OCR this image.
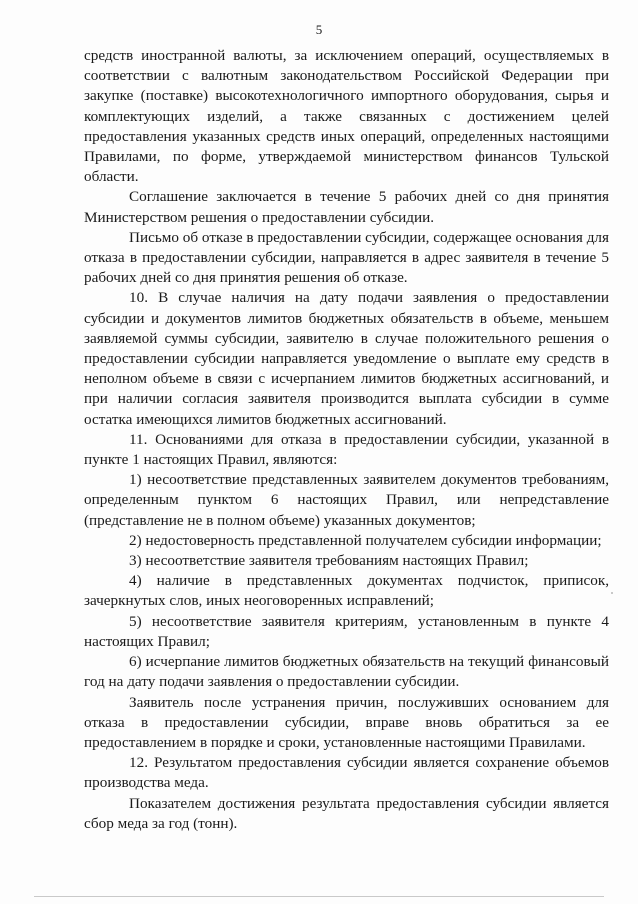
5

средств иностранной валюты, за исключением операций, осуществляемых в соответствии с валютным законодательством Российской Федерации при закупке (поставке) высокотехнологичного импортного оборудования, сырья и комплектующих изделий, а также связанных с достижением целей предоставления указанных средств иных операций, определенных настоящими Правилами, по форме, утверждаемой министерством финансов Тульской области.

Соглашение заключается в течение 5 рабочих дней со дня принятия Министерством решения о предоставлении субсидии.

Письмо об отказе в предоставлении субсидии, содержащее основания для отказа в предоставлении субсидии, направляется в адрес заявителя в течение 5 рабочих дней со дня принятия решения об отказе.

10. В случае наличия на дату подачи заявления о предоставлении субсидии и документов лимитов бюджетных обязательств в объеме, меньшем заявляемой суммы субсидии, заявителю в случае положительного решения о предоставлении субсидии направляется уведомление о выплате ему средств в неполном объеме в связи с исчерпанием лимитов бюджетных ассигнований, и при наличии согласия заявителя производится выплата субсидии в сумме остатка имеющихся лимитов бюджетных ассигнований.

11. Основаниями для отказа в предоставлении субсидии, указанной в пункте 1 настоящих Правил, являются:

1) несоответствие представленных заявителем документов требованиям, определенным пунктом 6 настоящих Правил, или непредставление (представление не в полном объеме) указанных документов;

2) недостоверность представленной получателем субсидии информации;

3) несоответствие заявителя требованиям настоящих Правил;

4) наличие в представленных документах подчисток, приписок, зачеркнутых слов, иных неоговоренных исправлений;

5) несоответствие заявителя критериям, установленным в пункте 4 настоящих Правил;

6) исчерпание лимитов бюджетных обязательств на текущий финансовый год на дату подачи заявления о предоставлении субсидии.

Заявитель после устранения причин, послуживших основанием для отказа в предоставлении субсидии, вправе вновь обратиться за ее предоставлением в порядке и сроки, установленные настоящими Правилами.

12. Результатом предоставления субсидии является сохранение объемов производства меда.

Показателем достижения результата предоставления субсидии является сбор меда за год (тонн).
